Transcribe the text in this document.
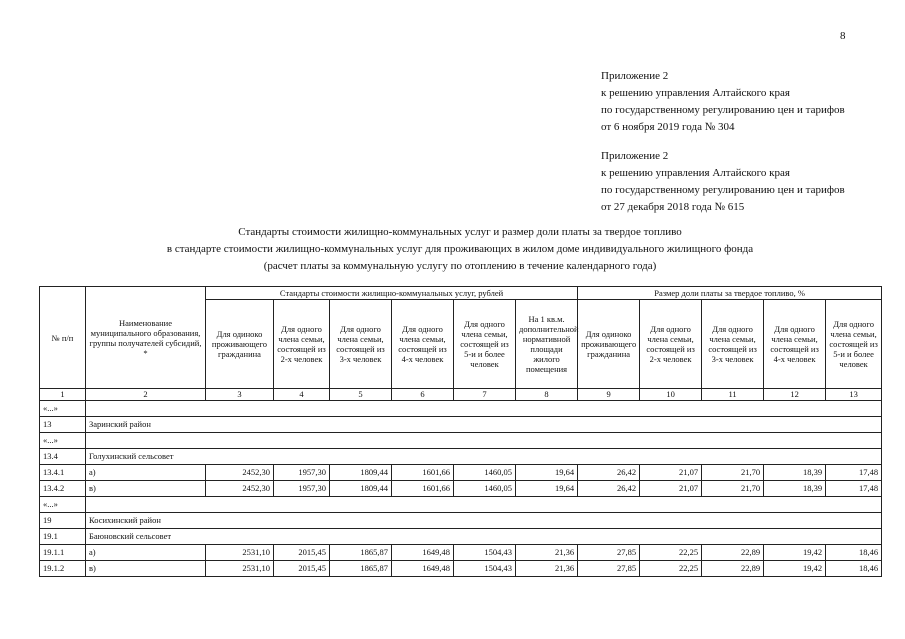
8
Приложение 2
к решению управления Алтайского края
по государственному регулированию цен и тарифов
от 6 ноября 2019 года № 304
Приложение 2
к решению управления Алтайского края
по государственному регулированию цен и тарифов
от 27 декабря 2018 года № 615
Стандарты стоимости жилищно-коммунальных услуг и размер доли платы за твердое топливо
в стандарте стоимости жилищно-коммунальных услуг для проживающих в жилом доме индивидуального жилищного фонда
(расчет платы за коммунальную услугу по отоплению в течение календарного года)
№ п/п	Наименование муниципального образования, группы получателей субсидий, *	Стандарты стоимости жилищно-коммунальных услуг, рублей						Размер доли платы за твердое топливо, %				
		Для одиноко проживающего гражданина	Для одного члена семьи, состоящей из 2-х человек	Для одного члена семьи, состоящей из 3-х человек	Для одного члена семьи, состоящей из 4-х человек	Для одного члена семьи, состоящей из 5-и и более человек	На 1 кв.м. дополнительной нормативной площади жилого помещения	Для одиноко проживающего гражданина	Для одного члена семьи, состоящей из 2-х человек	Для одного члена семьи, состоящей из 3-х человек	Для одного члена семьи, состоящей из 4-х человек	Для одного члена семьи, состоящей из 5-и и более человек
1	2	3	4	5	6	7	8	9	10	11	12	13
«...»												
13	Заринский район											
«...»												
13.4	Голухинский сельсовет											
13.4.1	а)	2452,30	1957,30	1809,44	1601,66	1460,05	19,64	26,42	21,07	21,70	18,39	17,48
13.4.2	в)	2452,30	1957,30	1809,44	1601,66	1460,05	19,64	26,42	21,07	21,70	18,39	17,48
«...»												
19	Косихинский район											
19.1	Баюновский сельсовет											
19.1.1	а)	2531,10	2015,45	1865,87	1649,48	1504,43	21,36	27,85	22,25	22,89	19,42	18,46
19.1.2	в)	2531,10	2015,45	1865,87	1649,48	1504,43	21,36	27,85	22,25	22,89	19,42	18,46
